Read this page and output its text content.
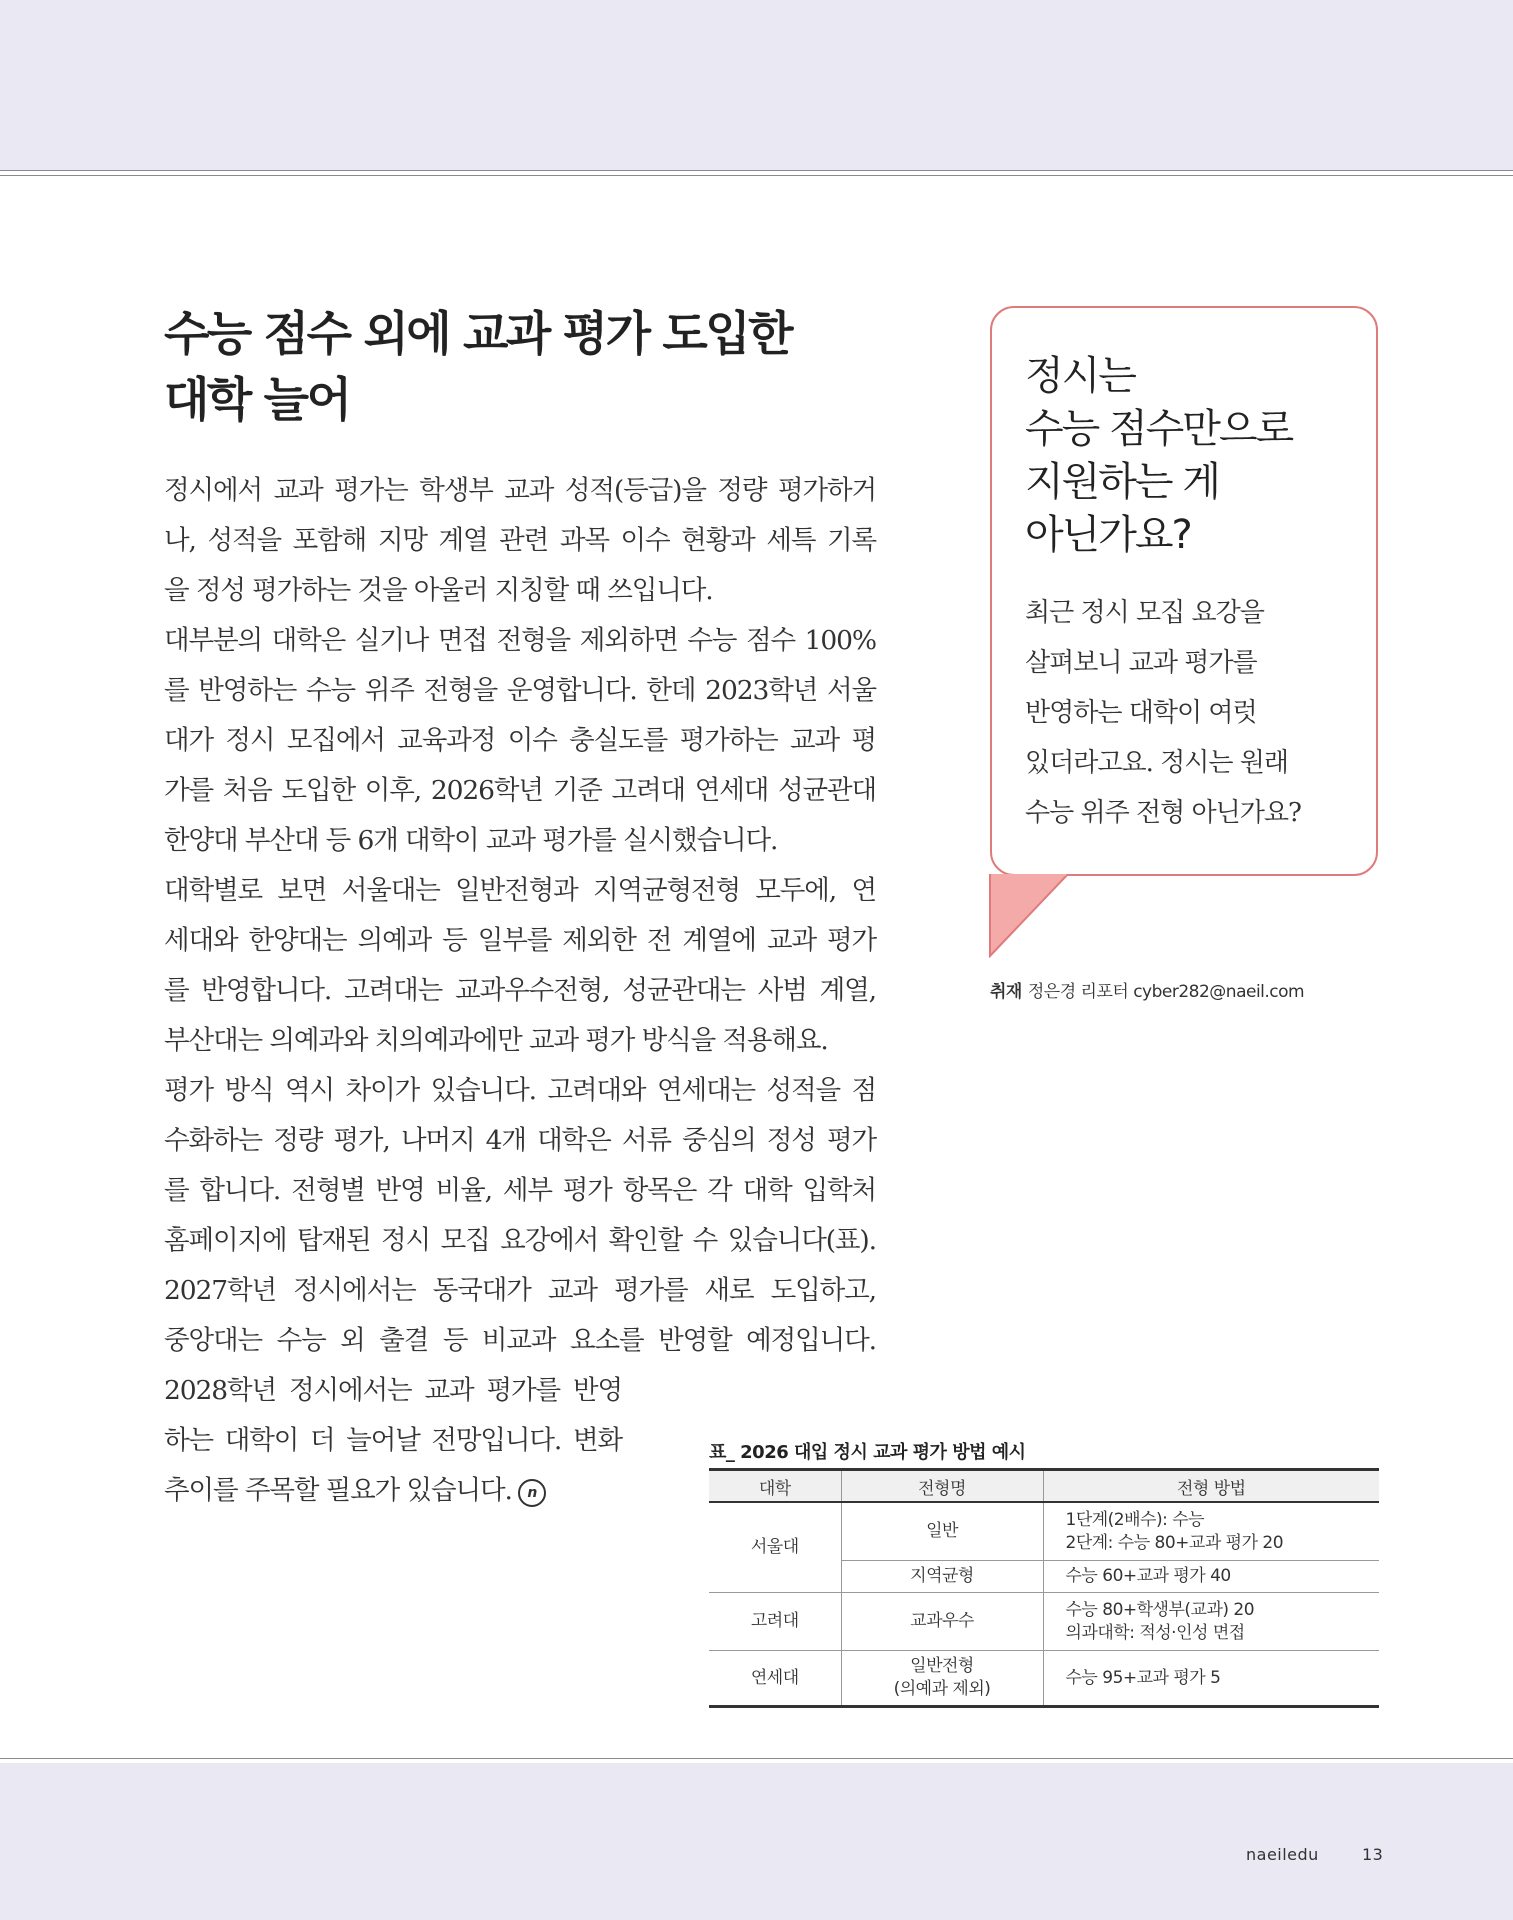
수능 점수 외에 교과 평가 도입한
대학 늘어
정시에서 교과 평가는 학생부 교과 성적(등급)을 정량 평가하거
나, 성적을 포함해 지망 계열 관련 과목 이수 현황과 세특 기록
을 정성 평가하는 것을 아울러 지칭할 때 쓰입니다.
대부분의 대학은 실기나 면접 전형을 제외하면 수능 점수 100%
를 반영하는 수능 위주 전형을 운영합니다. 한데 2023학년 서울
대가 정시 모집에서 교육과정 이수 충실도를 평가하는 교과 평
가를 처음 도입한 이후, 2026학년 기준 고려대 연세대 성균관대
한양대 부산대 등 6개 대학이 교과 평가를 실시했습니다.
대학별로 보면 서울대는 일반전형과 지역균형전형 모두에, 연
세대와 한양대는 의예과 등 일부를 제외한 전 계열에 교과 평가
를 반영합니다. 고려대는 교과우수전형, 성균관대는 사범 계열,
부산대는 의예과와 치의예과에만 교과 평가 방식을 적용해요.
평가 방식 역시 차이가 있습니다. 고려대와 연세대는 성적을 점
수화하는 정량 평가, 나머지 4개 대학은 서류 중심의 정성 평가
를 합니다. 전형별 반영 비율, 세부 평가 항목은 각 대학 입학처
홈페이지에 탑재된 정시 모집 요강에서 확인할 수 있습니다(표).
2027학년 정시에서는 동국대가 교과 평가를 새로 도입하고,
중앙대는 수능 외 출결 등 비교과 요소를 반영할 예정입니다.
2028학년 정시에서는 교과 평가를 반영
하는 대학이 더 늘어날 전망입니다. 변화
추이를 주목할 필요가 있습니다. n
정시는
수능 점수만으로
지원하는 게
아닌가요?
최근 정시 모집 요강을
살펴보니 교과 평가를
반영하는 대학이 여럿
있더라고요. 정시는 원래
수능 위주 전형 아닌가요?
취재 정은경 리포터 cyber282@naeil.com
표_ 2026 대입 정시 교과 평가 방법 예시
대학	전형명	전형 방법
서울대	일반	1단계(2배수): 수능
2단계: 수능 80+교과 평가 20

	지역균형	수능 60+교과 평가 40
고려대	교과우수	수능 80+학생부(교과) 20
의과대학: 적성·인성 면접

연세대	일반전형
(의예과 제외)	수능 95+교과 평가 5
naeiledu	13
